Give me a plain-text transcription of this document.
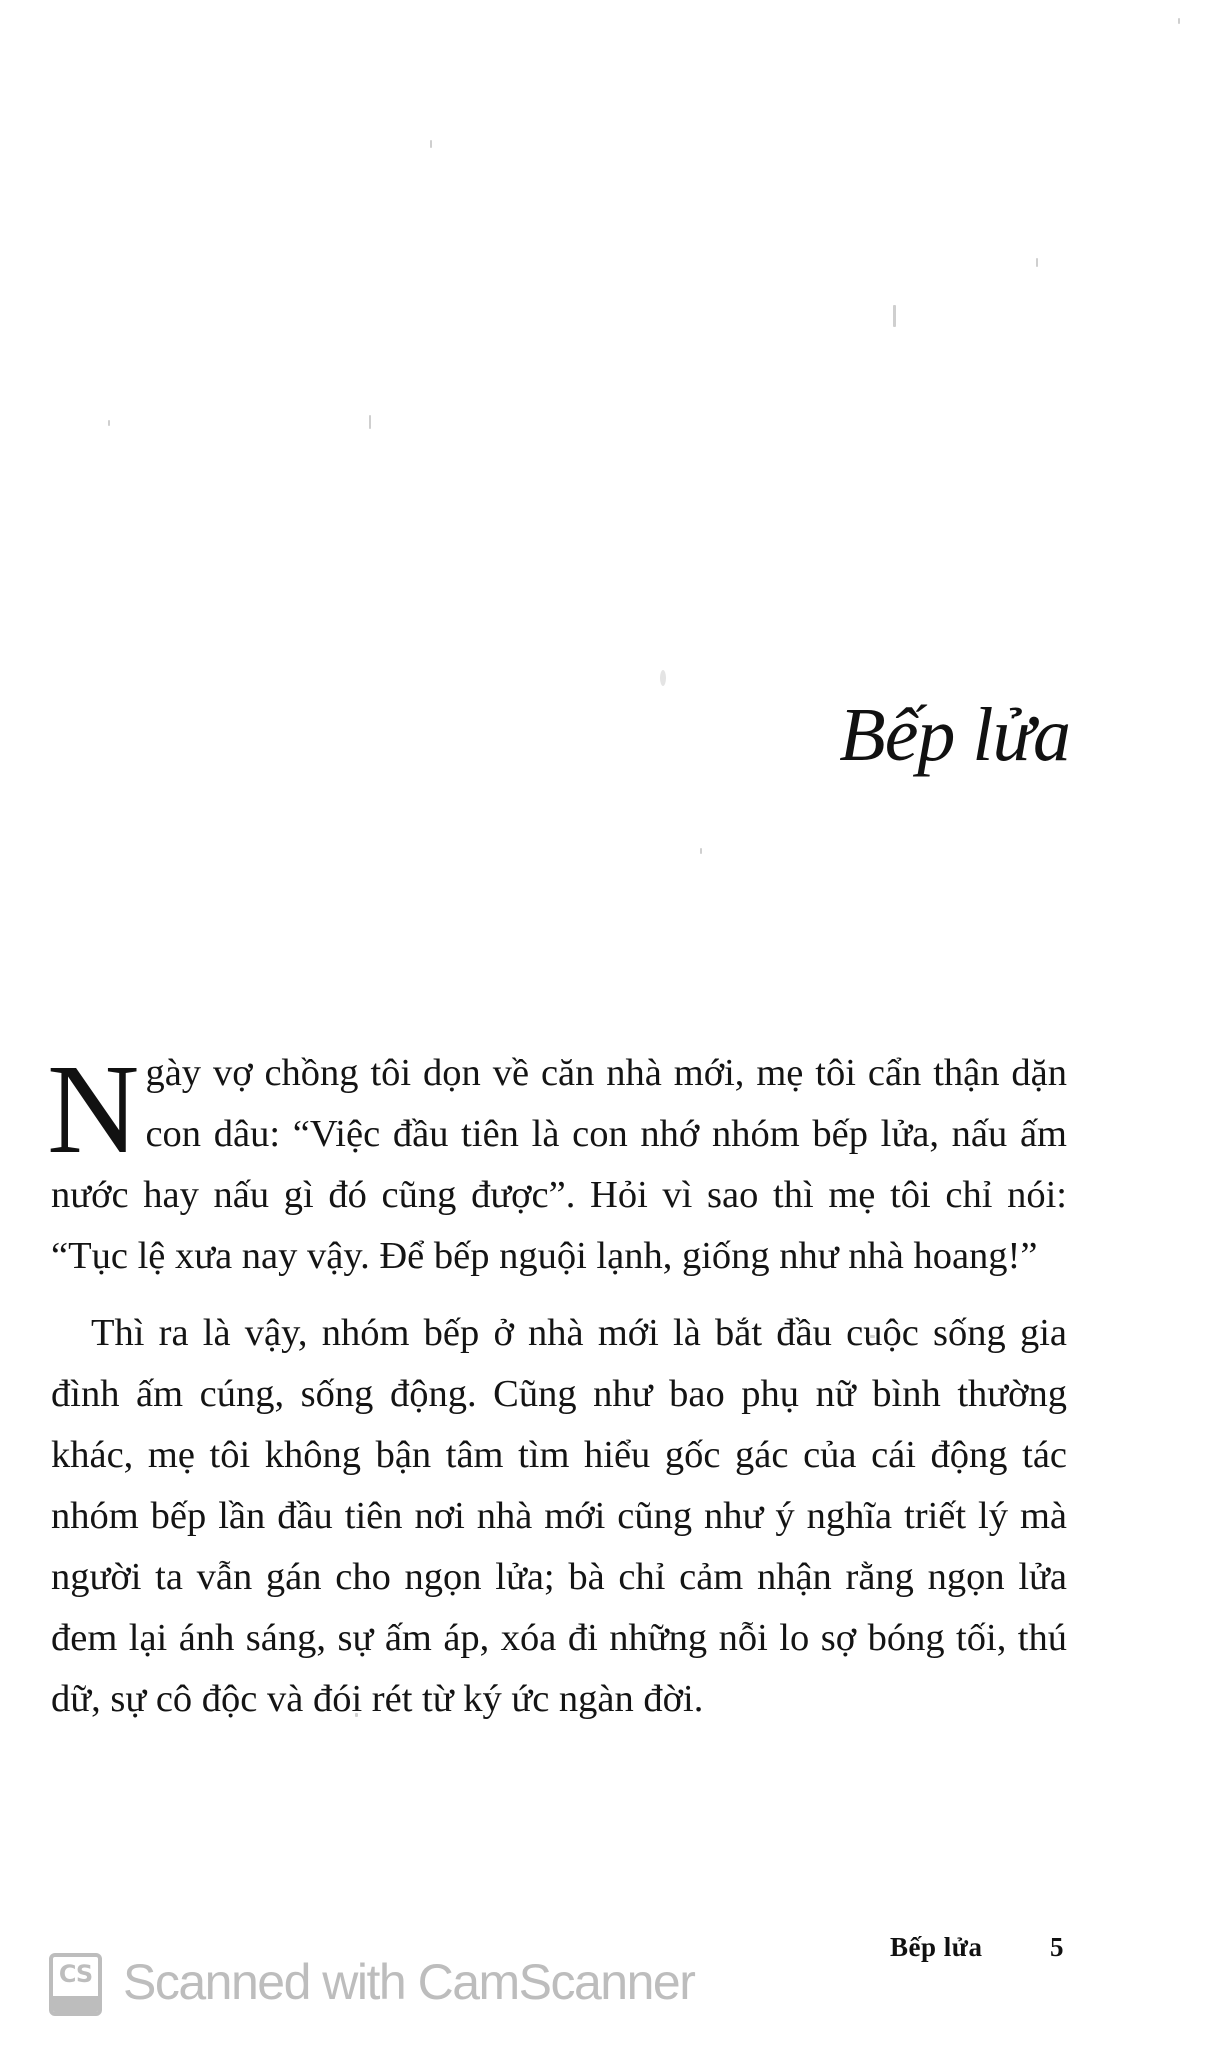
Bếp lửa

Ngày vợ chồng tôi dọn về căn nhà mới, mẹ tôi cẩn thận dặn con dâu: “Việc đầu tiên là con nhớ nhóm bếp lửa, nấu ấm nước hay nấu gì đó cũng được”. Hỏi vì sao thì mẹ tôi chỉ nói: “Tục lệ xưa nay vậy. Để bếp nguội lạnh, giống như nhà hoang!”

Thì ra là vậy, nhóm bếp ở nhà mới là bắt đầu cuộc sống gia đình ấm cúng, sống động. Cũng như bao phụ nữ bình thường khác, mẹ tôi không bận tâm tìm hiểu gốc gác của cái động tác nhóm bếp lần đầu tiên nơi nhà mới cũng như ý nghĩa triết lý mà người ta vẫn gán cho ngọn lửa; bà chỉ cảm nhận rằng ngọn lửa đem lại ánh sáng, sự ấm áp, xóa đi những nỗi lo sợ bóng tối, thú dữ, sự cô độc và đói rét từ ký ức ngàn đời.

Bếp lửa	5
CS Scanned with CamScanner
